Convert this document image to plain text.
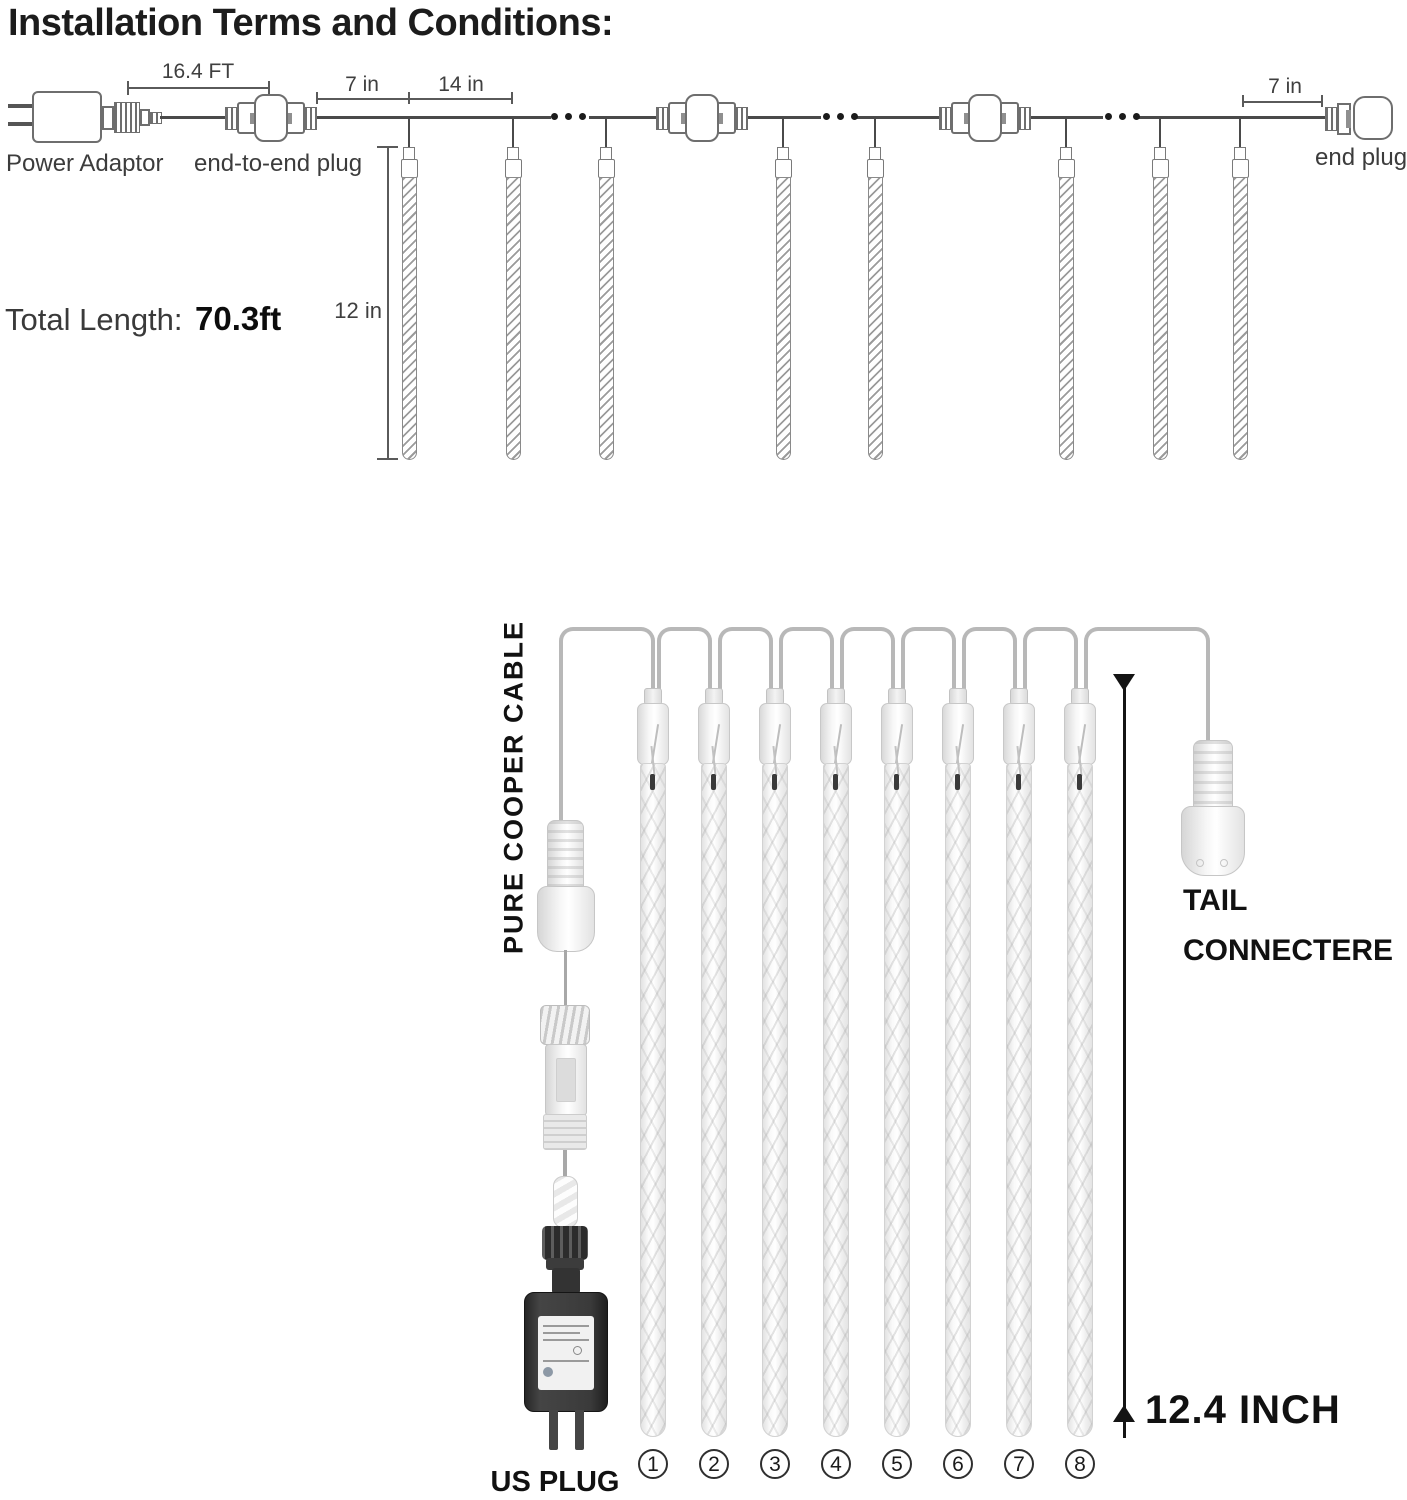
Installation Terms and Conditions:
16.4 FT
7 in	14 in	7 in
12 in
Power Adaptor end-to-end plug	end plug
Total Length: 70.3ft
PURE COOPER CABLE
1	2	3	4	5	6	7	8
US PLUG
TAIL
CONNECTERE
12.4 INCH
